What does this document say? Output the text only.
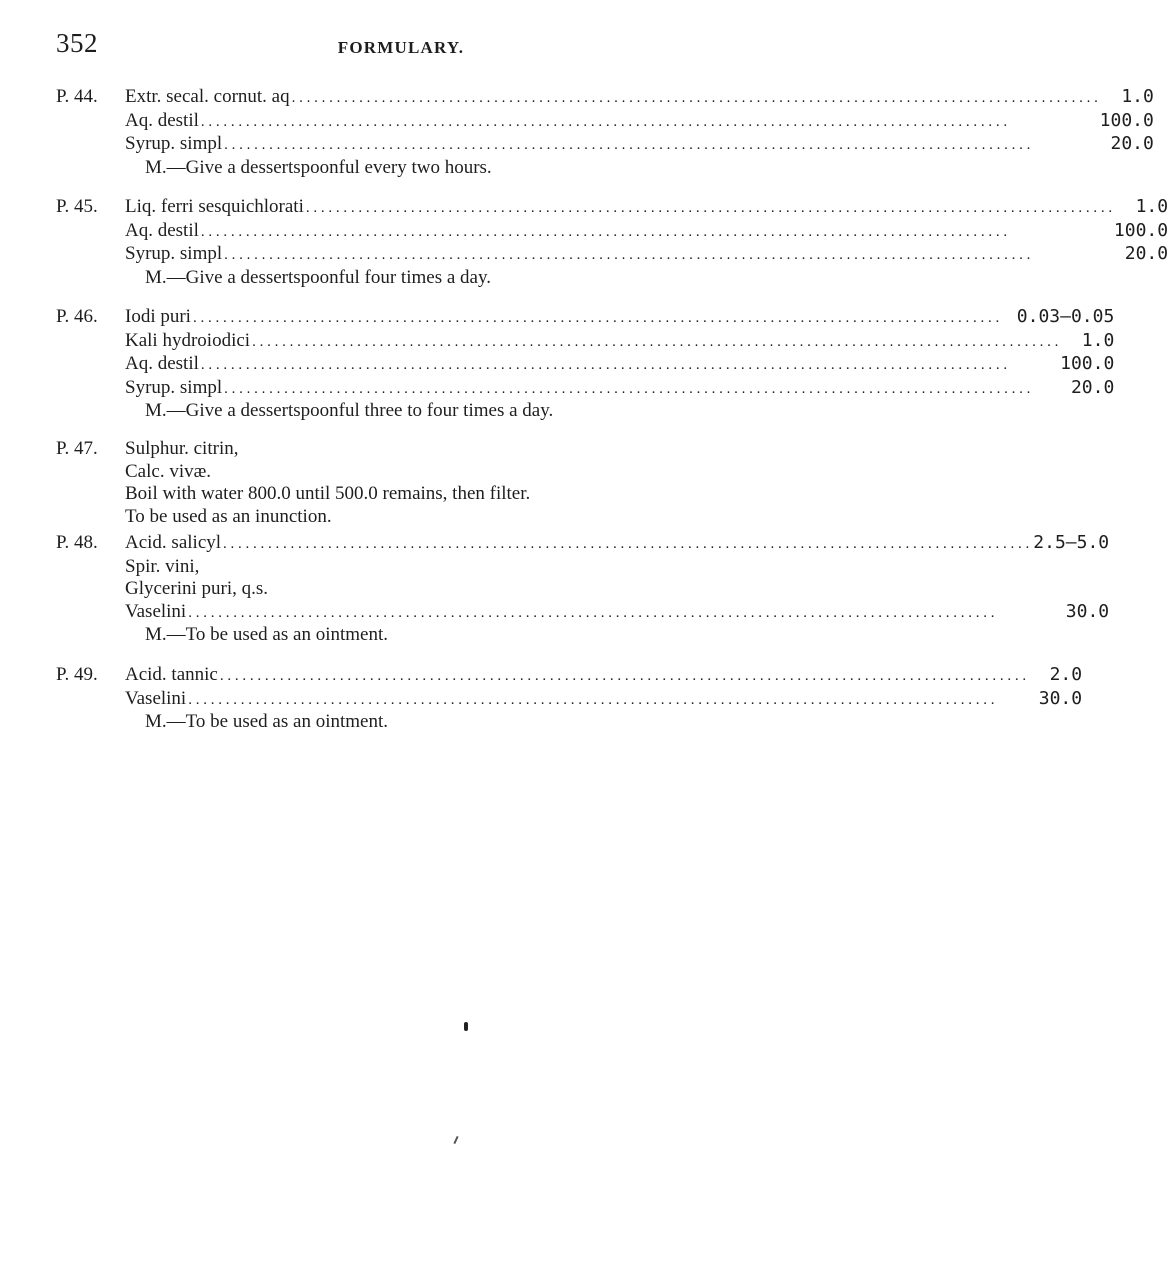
352	FORMULARY.
P. 44.	Extr. secal. cornut. aq . . .	1.0
Aq. destil . . .	100.0
Syrup. simpl . . .	20.0
M.—Give a dessertspoonful every two hours.
P. 45.	Liq. ferri sesquichlorati . . .	1.0
Aq. destil . . .	100.0
Syrup. simpl . . .	20.0
M.—Give a dessertspoonful four times a day.
P. 46.	Iodi puri . . .	0.03—0.05
Kali hydroiodici . . .	1.0
Aq. destil . . .	100.0
Syrup. simpl . . .	20.0
M.—Give a dessertspoonful three to four times a day.
P. 47.	Sulphur. citrin,
Calc. vivæ.
Boil with water 800.0 until 500.0 remains, then filter.
To be used as an inunction.
P. 48.	Acid. salicyl . . .	2.5—5.0
Spir. vini,
Glycerini puri, q.s.
Vaselini . . .	30.0
M.—To be used as an ointment.
P. 49.	Acid. tannic . . .	2.0
Vaselini . . .	30.0
M.—To be used as an ointment.
